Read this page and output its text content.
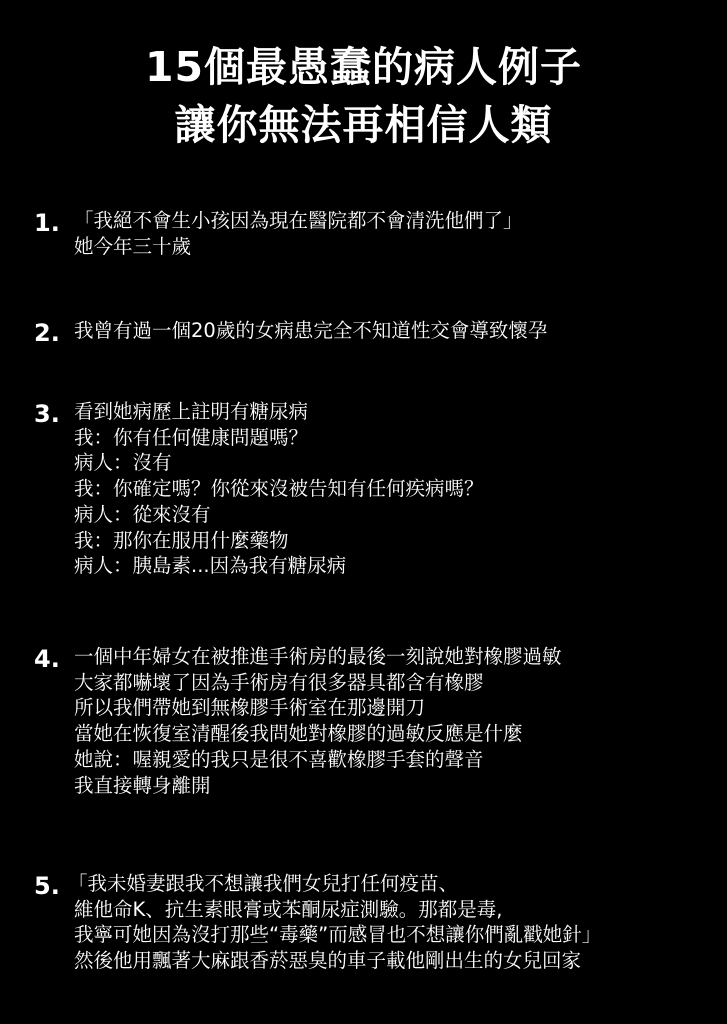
15個最愚蠢的病人例子
讓你無法再相信人類
1. 「我絕不會生小孩因為現在醫院都不會清洗他們了」
她今年三十歲
2. 我曾有過一個20歲的女病患完全不知道性交會導致懷孕
3. 看到她病歷上註明有糖尿病
我：你有任何健康問題嗎？
病人：沒有
我：你確定嗎？你從來沒被告知有任何疾病嗎？
病人：從來沒有
我：那你在服用什麼藥物
病人：胰島素...因為我有糖尿病
4. 一個中年婦女在被推進手術房的最後一刻說她對橡膠過敏
大家都嚇壞了因為手術房有很多器具都含有橡膠
所以我們帶她到無橡膠手術室在那邊開刀
當她在恢復室清醒後我問她對橡膠的過敏反應是什麼
她說：喔親愛的我只是很不喜歡橡膠手套的聲音
我直接轉身離開
5. 「我未婚妻跟我不想讓我們女兒打任何疫苗、
維他命K、抗生素眼膏或苯酮尿症測驗。那都是毒,
我寧可她因為沒打那些“毒藥”而感冒也不想讓你們亂戳她針」
然後他用飄著大麻跟香菸惡臭的車子載他剛出生的女兒回家
